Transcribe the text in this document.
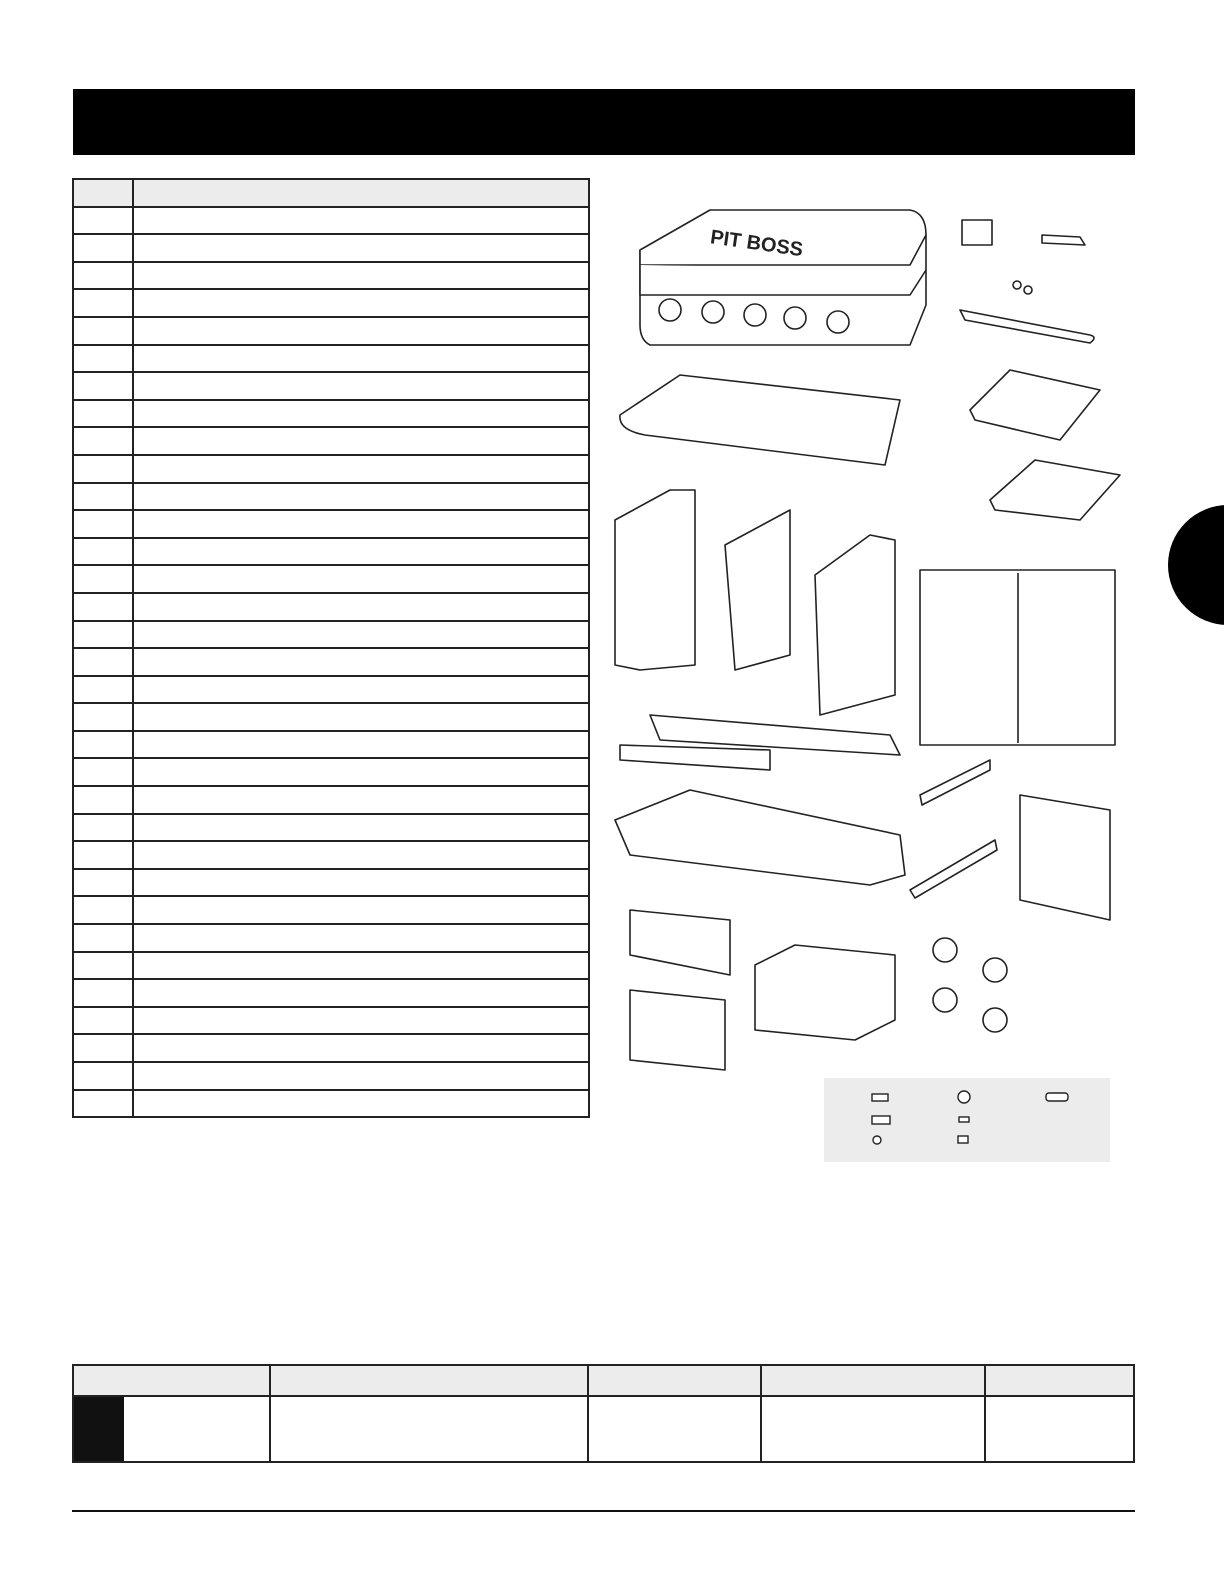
PIT BOSS
